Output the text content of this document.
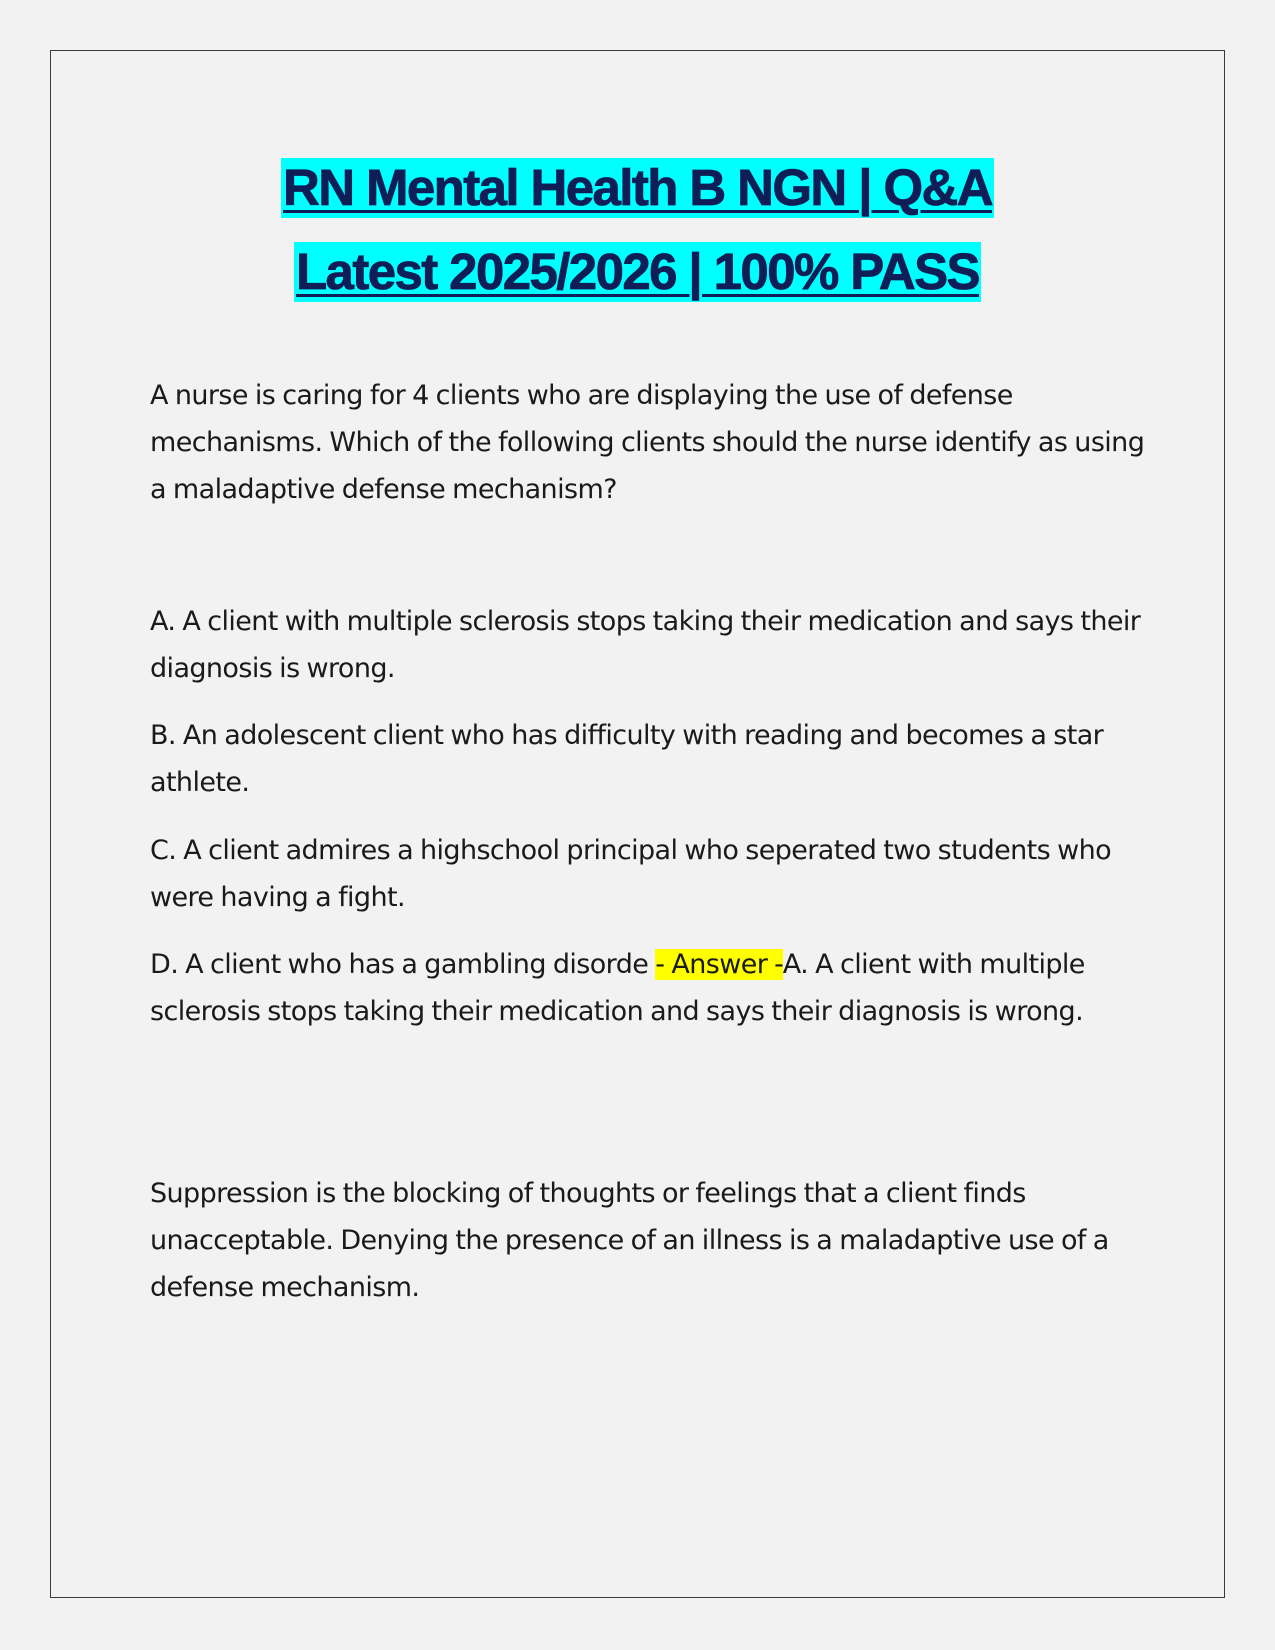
RN Mental Health B NGN | Q&A
Latest 2025/2026 | 100% PASS

A nurse is caring for 4 clients who are displaying the use of defense mechanisms. Which of the following clients should the nurse identify as using a maladaptive defense mechanism?

A. A client with multiple sclerosis stops taking their medication and says their diagnosis is wrong.

B. An adolescent client who has difficulty with reading and becomes a star athlete.

C. A client admires a highschool principal who seperated two students who were having a fight.

D. A client who has a gambling disorde - Answer -A. A client with multiple sclerosis stops taking their medication and says their diagnosis is wrong.

Suppression is the blocking of thoughts or feelings that a client finds unacceptable. Denying the presence of an illness is a maladaptive use of a defense mechanism.
